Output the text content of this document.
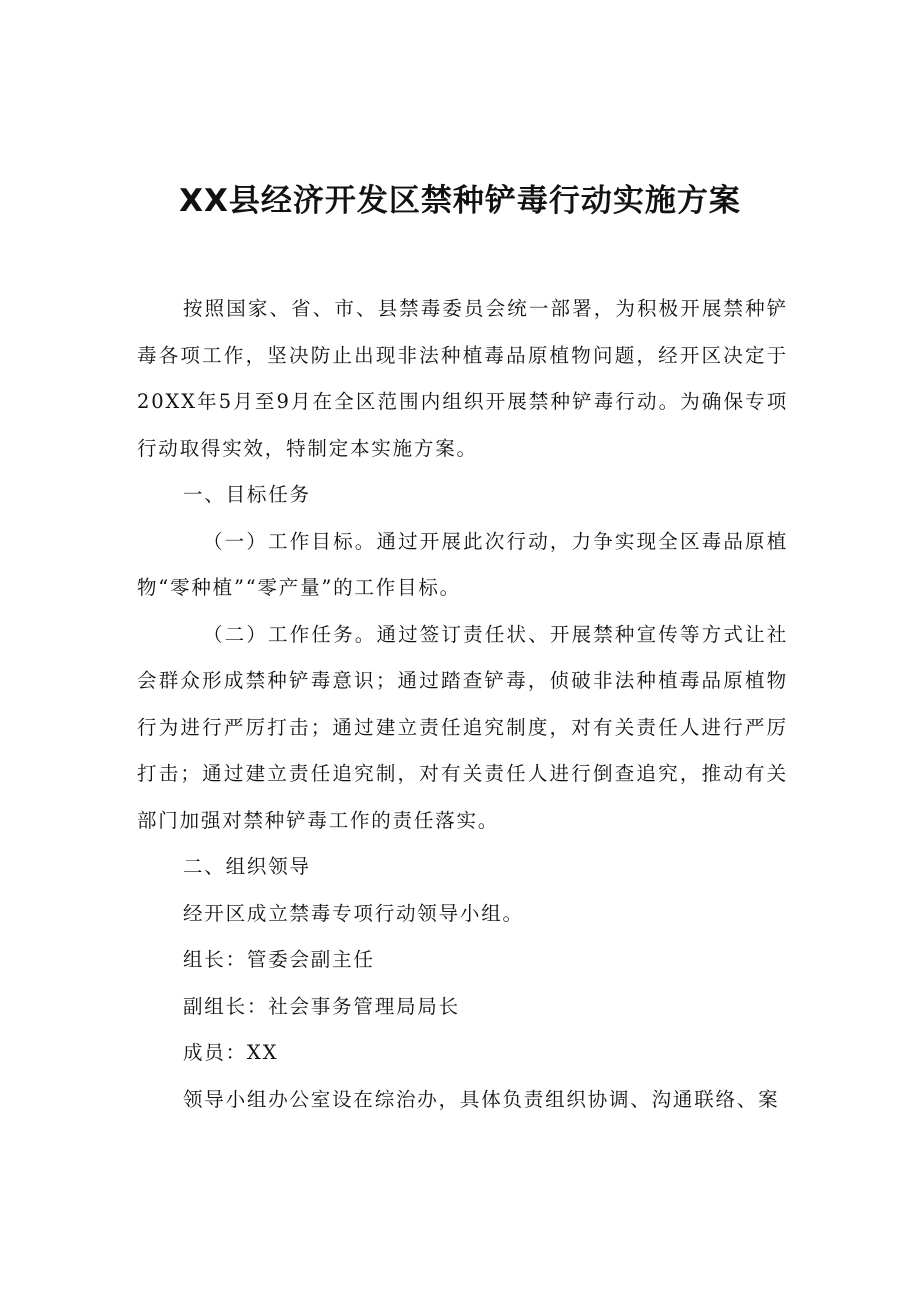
XX县经济开发区禁种铲毒行动实施方案

按照国家、省、市、县禁毒委员会统一部署，为积极开展禁种铲毒各项工作，坚决防止出现非法种植毒品原植物问题，经开区决定于20XX年5月至9月在全区范围内组织开展禁种铲毒行动。为确保专项行动取得实效，特制定本实施方案。

一、目标任务

（一）工作目标。通过开展此次行动，力争实现全区毒品原植物“零种植”“零产量”的工作目标。

（二）工作任务。通过签订责任状、开展禁种宣传等方式让社会群众形成禁种铲毒意识；通过踏查铲毒，侦破非法种植毒品原植物行为进行严厉打击；通过建立责任追究制度，对有关责任人进行严厉打击；通过建立责任追究制，对有关责任人进行倒查追究，推动有关部门加强对禁种铲毒工作的责任落实。

二、组织领导

经开区成立禁毒专项行动领导小组。

组长：管委会副主任

副组长：社会事务管理局局长

成员：XX

领导小组办公室设在综治办，具体负责组织协调、沟通联络、案
